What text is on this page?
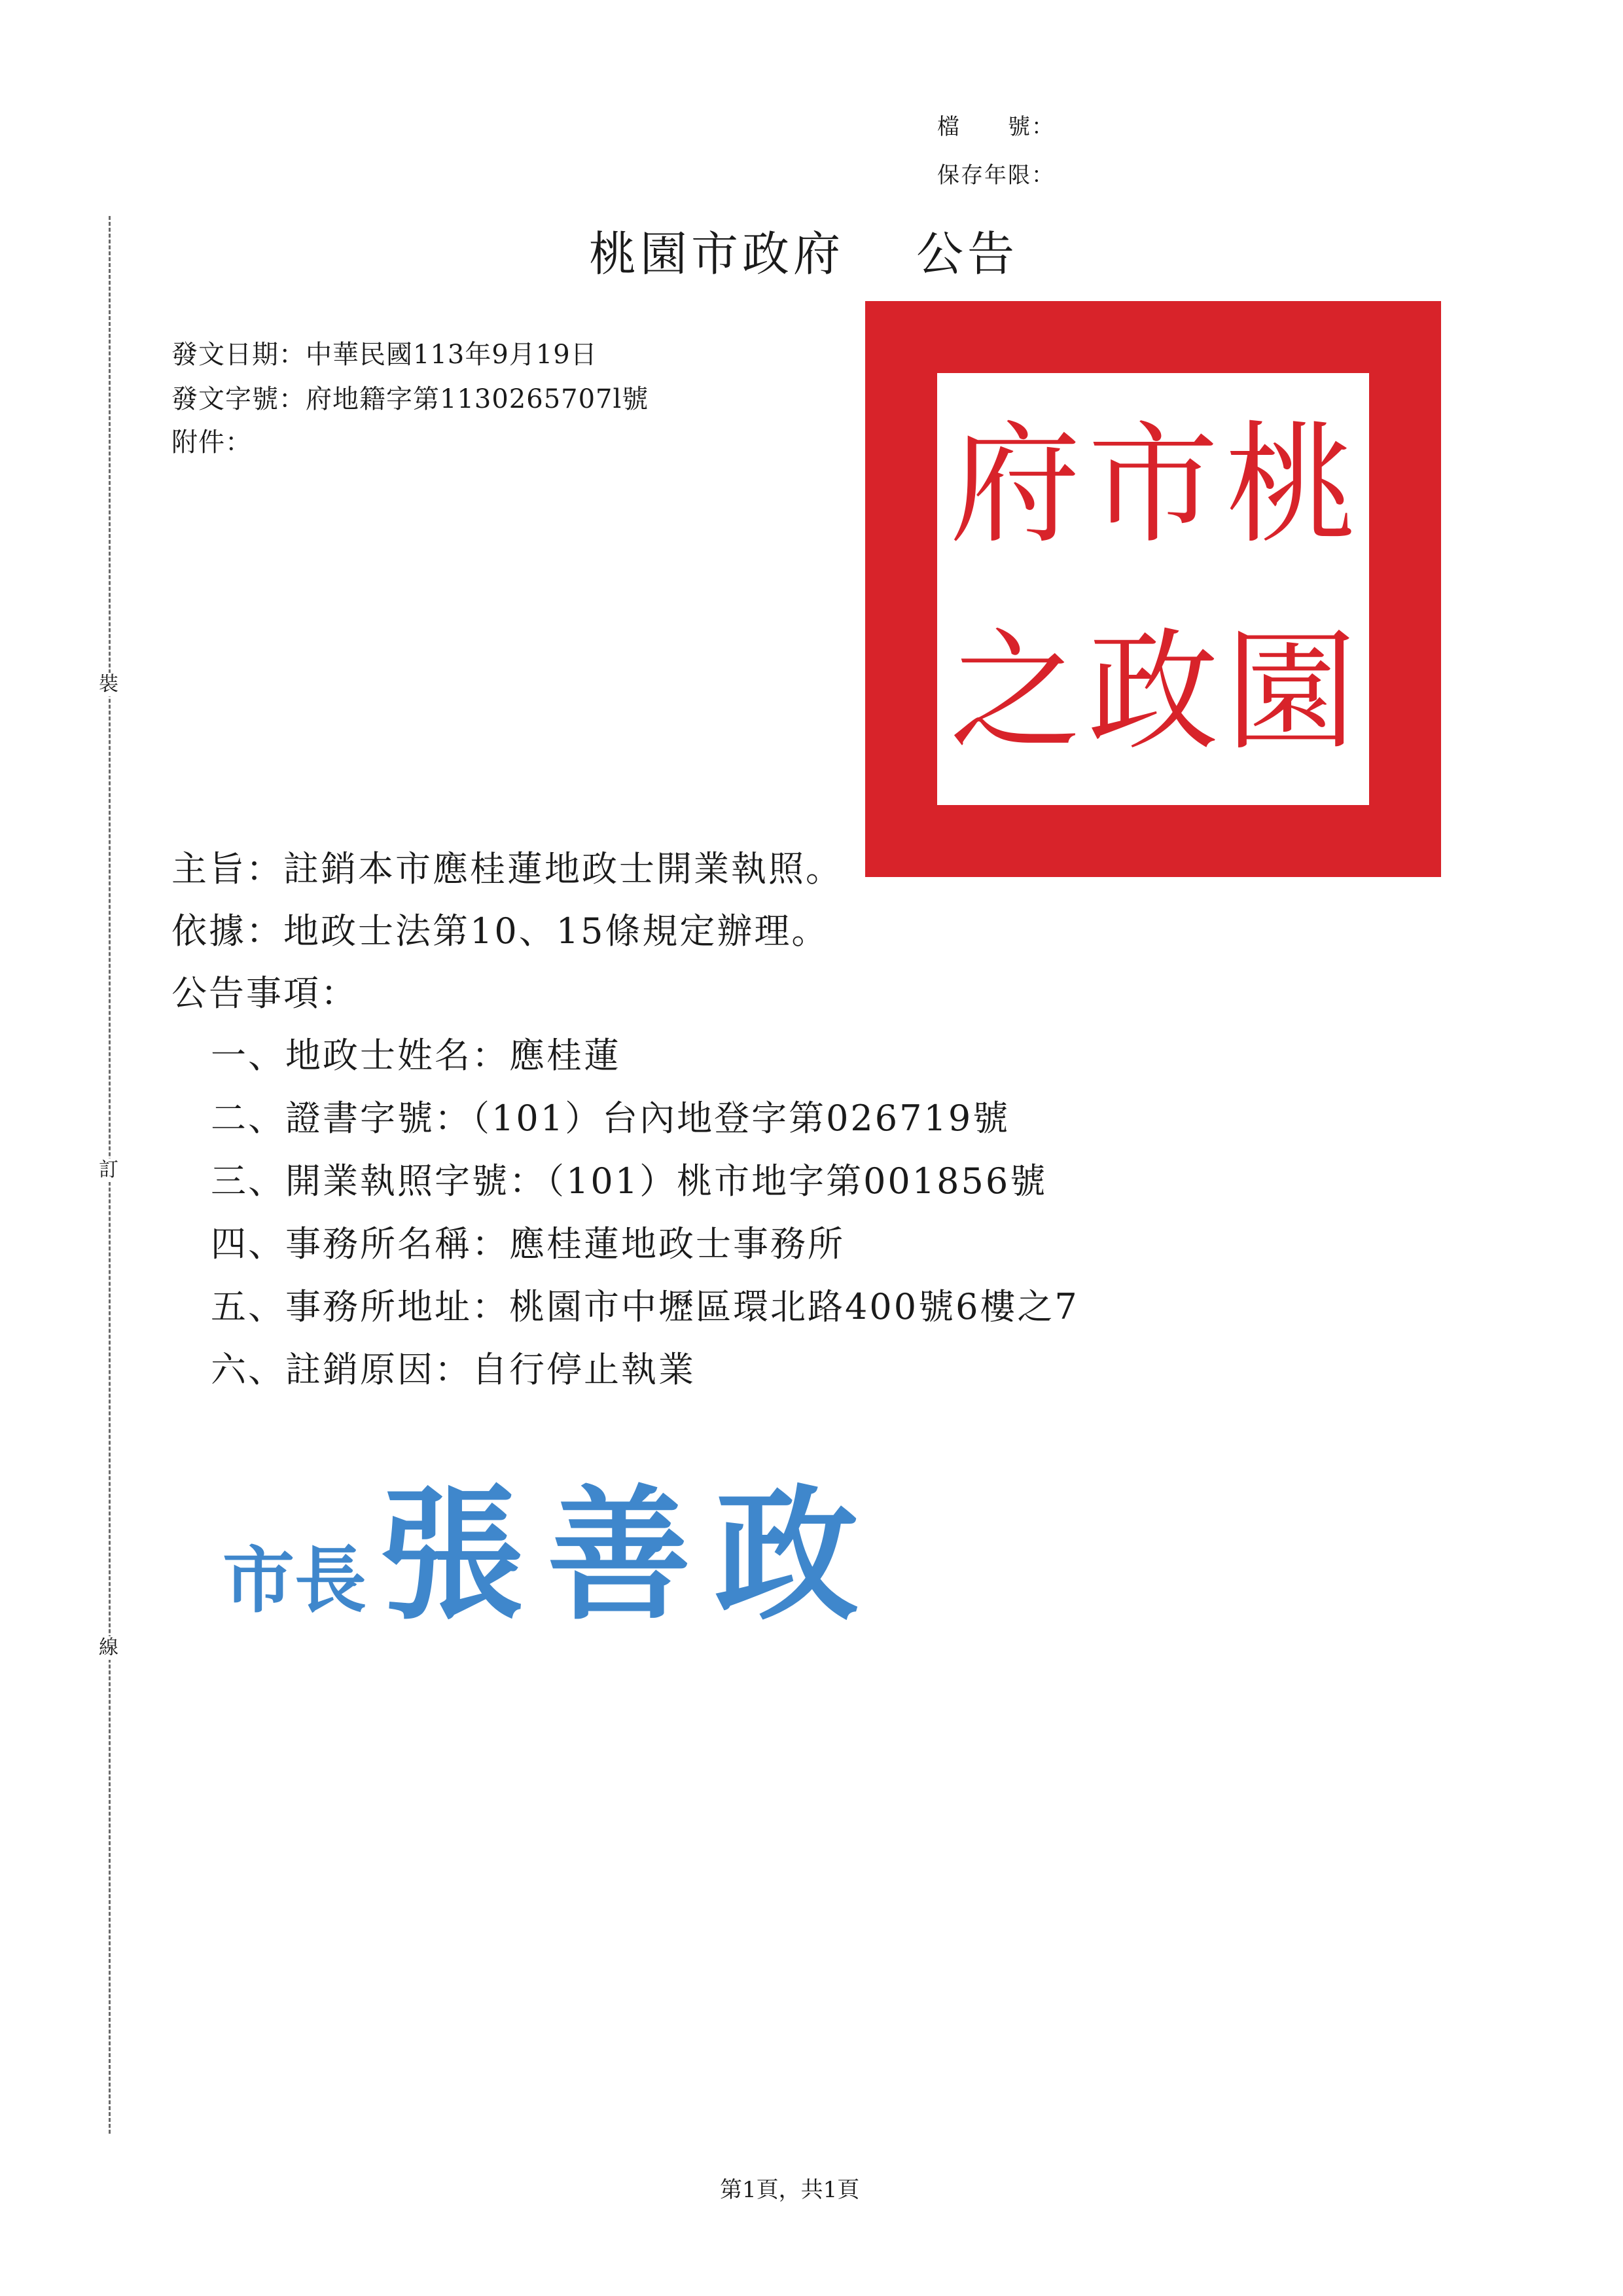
檔　　號：
保存年限：
裝
訂
線
桃園市政府 公告
發文日期：中華民國113年9月19日
發文字號：府地籍字第1130265707l號
附件：	府 市 桃
之 政 園
主旨：註銷本市應桂蓮地政士開業執照。
依據：地政士法第10、15條規定辦理。
公告事項：
一、地政士姓名：應桂蓮
二、證書字號：（101）台內地登字第026719號
三、開業執照字號：（101）桃市地字第001856號
四、事務所名稱：應桂蓮地政士事務所
五、事務所地址：桃園市中壢區環北路400號6樓之7
六、註銷原因：自行停止執業
市長張善政
第1頁，共1頁
